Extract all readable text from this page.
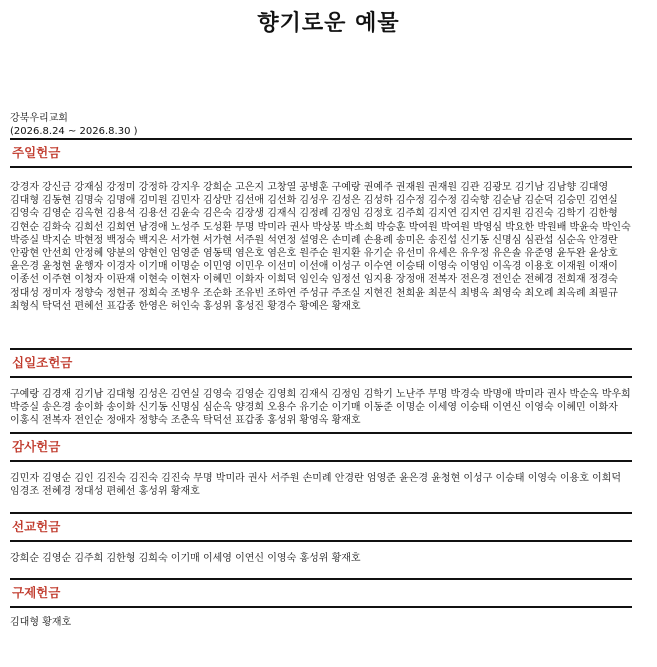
향기로운 예물
강북우리교회
(2026.8.24 ~ 2026.8.30 )
주일헌금
강경자 강신금 강재심 강정미 강정하 강지우 강희순 고은지 고창열 공병훈 구예랑 권예주 권재원 권재원 김관 김광모 김기남 김남향 김대영 김대형 김동현 김명숙 김명애 김미원 김민자 김상만 김선애 김선화 김성우 김성은 김성하 김수정 김수정 김숙향 김순남 김순덕 김승민 김연실 김영숙 김영순 김옥현 김용석 김용선 김윤숙 김은숙 김장생 김재식 김정례 김정임 김정호 김주희 김지연 김지연 김지원 김진숙 김학기 김한형 김현순 김화숙 김희선 김희연 남경애 노성주 도성환 무명 박미라 권사 박상봉 박소희 박승훈 박여원 박여원 박영심 박요한 박원배 박윤숙 박인숙 박증실 박지순 박현정 백정숙 백지은 서가현 서가현 서주원 석연정 설영은 손미례 손용례 송미은 송진섭 신기동 신명심 심관섭 심순옥 안경란 안광현 안선희 안정혜 양분의 양현인 엄영준 염동택 염은호 염은호 원주순 원지환 유기순 유선미 유세은 유우정 유은솔 유준영 윤두완 윤상호 윤은경 윤청현 윤행자 이경자 이기매 이명순 이민영 이민우 이선미 이선애 이성구 이수연 이승태 이영숙 이영임 이옥경 이용호 이재원 이재이 이종선 이주현 이청자 이판재 이현숙 이현자 이혜민 이화자 이희덕 임인숙 임정선 임지용 장정애 전복자 전은경 전인순 전혜경 전희재 정경숙 정대성 정미자 정향숙 정현규 정희숙 조병우 조순화 조유빈 조하연 주성규 주조실 지현진 천희윤 최문식 최병옥 최영숙 최오례 최옥례 최필규 최형식 탁덕선 편혜선 표갑종 한영은 허인숙 홍성위 홍성진 황경수 황예은 황재호
십일조헌금
구예랑 김경재 김기남 김대형 김성은 김연실 김영숙 김영순 김영희 김재식 김정임 김학기 노난주 무명 박경숙 박명애 박미라 권사 박순옥 박우희 박증실 송은경 송이화 송이화 신기동 신명심 심순옥 양경희 오용수 유기순 이기매 이동준 이명순 이세영 이승태 이연신 이영숙 이혜민 이화자 이홍식 전복자 전인순 정애자 정향숙 조춘옥 탁덕선 표갑종 홍성위 황영옥 황재호
감사헌금
김민자 김영순 김인 김진숙 김진숙 김진숙 무명 박미라 권사 서주원 손미례 안경란 엄영준 윤은경 윤청현 이성구 이승태 이영숙 이용호 이희덕 임경조 전혜경 정대성 편혜선 홍성위 황재호
선교헌금
강희순 김영순 김주희 김한형 김희숙 이기매 이세영 이연신 이영숙 홍성위 황재호
구제헌금
김대형 황재호
